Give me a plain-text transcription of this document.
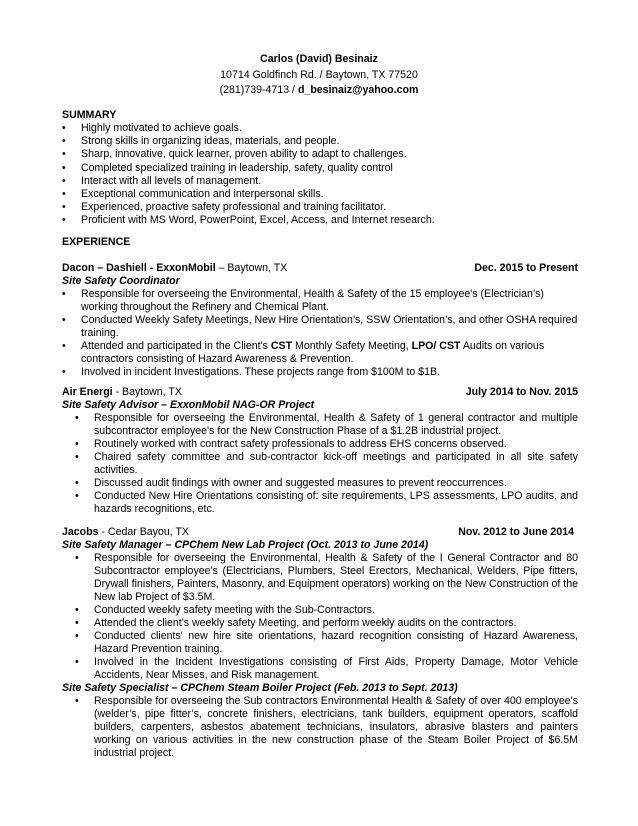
Carlos (David) Besinaiz
10714 Goldfinch Rd. / Baytown, TX 77520
(281)739-4713 / d_besinaiz@yahoo.com
SUMMARY
• Highly motivated to achieve goals.
• Strong skills in organizing ideas, materials, and people.
• Sharp, innovative, quick learner, proven ability to adapt to challenges.
• Completed specialized training in leadership, safety, quality control
• Interact with all levels of management.
• Exceptional communication and interpersonal skills.
• Experienced, proactive safety professional and training facilitator.
• Proficient with MS Word, PowerPoint, Excel, Access, and Internet research.
EXPERIENCE
Dacon – Dashiell - ExxonMobil – Baytown, TX	Dec. 2015 to Present
Site Safety Coordinator
• Responsible for overseeing the Environmental, Health & Safety of the 15 employee's (Electrician’s) working throughout the Refinery and Chemical Plant.
• Conducted Weekly Safety Meetings, New Hire Orientation’s, SSW Orientation’s, and other OSHA required training.
• Attended and participated in the Client's CST Monthly Safety Meeting, LPO/ CST Audits on various contractors consisting of Hazard Awareness & Prevention.
• Involved in incident Investigations. These projects range from $100M to $1B.
Air Energi - Baytown, TX	July 2014 to Nov. 2015
Site Safety Advisor – ExxonMobil NAG-OR Project
• Responsible for overseeing the Environmental, Health & Safety of 1 general contractor and multiple subcontractor employee's for the New Construction Phase of a $1.2B industrial project.
• Routinely worked with contract safety professionals to address EHS concerns observed.
• Chaired safety committee and sub-contractor kick-off meetings and participated in all site safety activities.
• Discussed audit findings with owner and suggested measures to prevent reoccurrences.
• Conducted New Hire Orientations consisting of: site requirements, LPS assessments, LPO audits, and hazards recognitions, etc.
Jacobs - Cedar Bayou, TX	Nov. 2012 to June 2014
Site Safety Manager – CPChem New Lab Project (Oct. 2013 to June 2014)
• Responsible for overseeing the Environmental, Health & Safety of the I General Contractor and 80 Subcontractor employee's (Electricians, Plumbers, Steel Erectors, Mechanical, Welders, Pipe fitters, Drywall finishers, Painters, Masonry, and Equipment operators) working on the New Construction of the New lab Project of $3.5M.
• Conducted weekly safety meeting with the Sub-Contractors.
• Attended the client's weekly safety Meeting, and perform weekly audits on the contractors.
• Conducted clients' new hire site orientations, hazard recognition consisting of Hazard Awareness, Hazard Prevention training.
• Involved in the Incident Investigations consisting of First Aids, Property Damage, Motor Vehicle Accidents, Near Misses, and Risk management.
Site Safety Specialist – CPChem Steam Boiler Project (Feb. 2013 to Sept. 2013)
• Responsible for overseeing the Sub contractors Environmental Health & Safety of over 400 employee's (welder’s, pipe fitter’s, concrete finishers, electricians, tank builders, equipment operators, scaffold builders, carpenters, asbestos abatement technicians, insulators, abrasive blasters and painters working on various activities in the new construction phase of the Steam Boiler Project of $6.5M industrial project.
